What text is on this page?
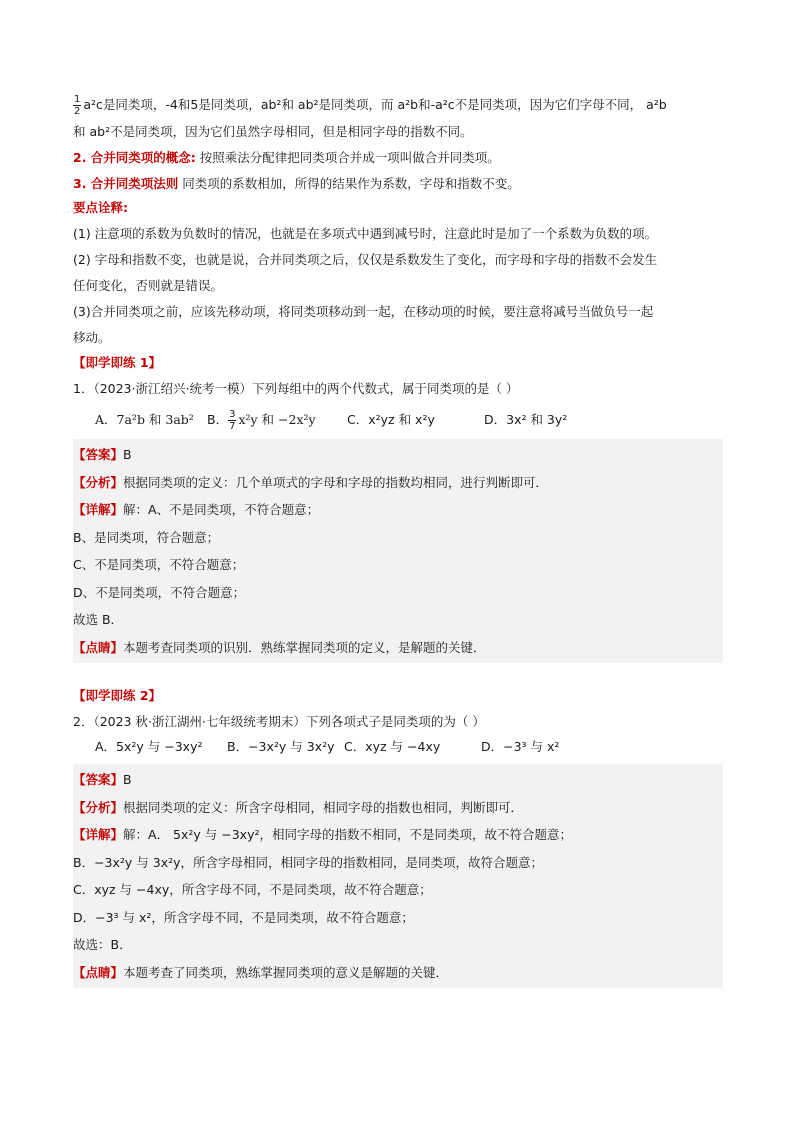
$\frac{1}{2} a^2c$是同类项，-4和5是同类项，ab²和 ab²是同类项，而 a²b和-a²c不是同类项，因为它们字母不同， a²b
和 ab²不是同类项，因为它们虽然字母相同，但是相同字母的指数不同。
2. 合并同类项的概念: 按照乘法分配律把同类项合并成一项叫做合并同类项。
3. 合并同类项法则 同类项的系数相加，所得的结果作为系数，字母和指数不变。
要点诠释:
(1) 注意项的系数为负数时的情况，也就是在多项式中遇到减号时，注意此时是加了一个系数为负数的项。
(2) 字母和指数不变，也就是说，合并同类项之后，仅仅是系数发生了变化，而字母和字母的指数不会发生
任何变化，否则就是错误。
(3)合并同类项之前，应该先移动项，将同类项移动到一起，在移动项的时候，要注意将减号当做负号一起
移动。
【即学即练 1】
1．（2023·浙江绍兴·统考一模）下列每组中的两个代数式，属于同类项的是（ ）
A．7a²b 和 3ab²	B． $\frac{3}{7} x^2y$ 和 −2x²y	C．x²yz 和 x²y	D．3x² 和 3y²
【答案】B
【分析】根据同类项的定义：几个单项式的字母和字母的指数均相同，进行判断即可．
【详解】解：A、不是同类项，不符合题意；
B、是同类项，符合题意；
C、不是同类项，不符合题意；
D、不是同类项，不符合题意；
故选 B．
【点睛】本题考查同类项的识别．熟练掌握同类项的定义，是解题的关键．
【即学即练 2】
2．（2023 秋·浙江湖州·七年级统考期末）下列各项式子是同类项的为（ ）
A．5x²y 与 −3xy²	B．−3x²y 与 3x²y C．xyz 与 −4xy	D．−3³ 与 x²
【答案】B
【分析】根据同类项的定义：所含字母相同，相同字母的指数也相同，判断即可．
【详解】解：A． 5x²y 与 −3xy²，相同字母的指数不相同，不是同类项，故不符合题意；
B．−3x²y 与 3x²y，所含字母相同，相同字母的指数相同，是同类项，故符合题意；
C．xyz 与 −4xy，所含字母不同，不是同类项，故不符合题意；
D．−3³ 与 x²，所含字母不同，不是同类项，故不符合题意；
故选：B．
【点睛】本题考查了同类项，熟练掌握同类项的意义是解题的关键．
